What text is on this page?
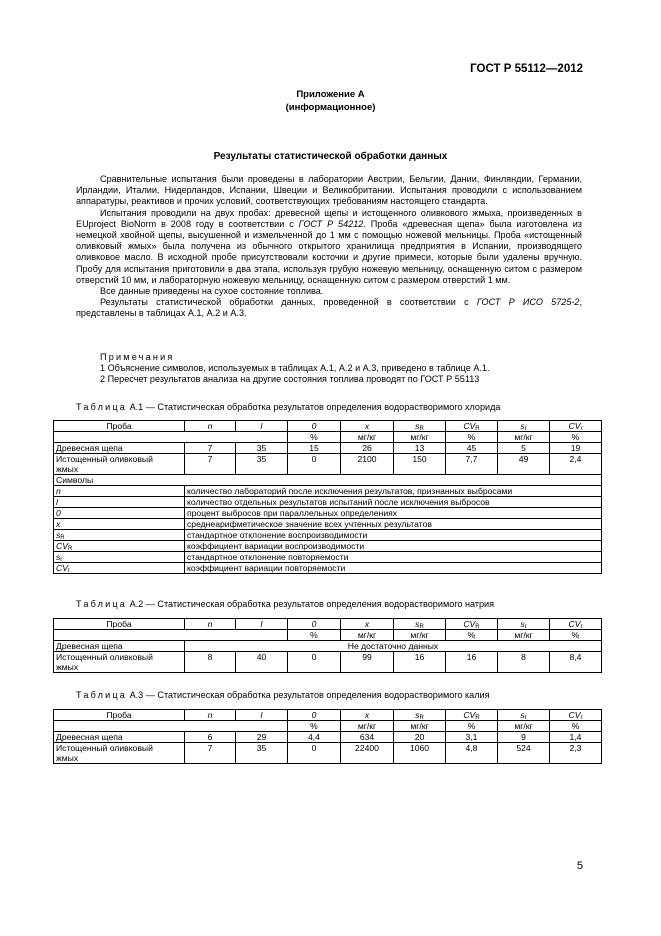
ГОСТ Р 55112—2012
Приложение А
(информационное)
Результаты статистической обработки данных

Сравнительные испытания были проведены в лаборатории Австрии, Бельгии, Дании, Финляндии, Германии, Ирландии, Италии, Нидерландов, Испании, Швеции и Великобритании. Испытания проводили с использованием аппаратуры, реактивов и прочих условий, соответствующих требованиям настоящего стандарта.

Испытания проводили на двух пробах: древесной щепы и истощенного оливкового жмыха, произведенных в EUproject BioNorm в 2008 году в соответствии с ГОСТ Р 54212. Проба «древесная щепа» была изготовлена из немецкой хвойной щепы, высушенной и измельченной до 1 мм с помощью ножевой мельницы. Проба «истощенный оливковый жмых» была получена из обычного открытого хранилища предприятия в Испании, производящего оливковое масло. В исходной пробе присутствовали косточки и другие примеси, которые были удалены вручную. Пробу для испытания приготовили в два этапа, используя грубую ножевую мельницу, оснащенную ситом с размером отверстий 10 мм, и лабораторную ножевую мельницу, оснащенную ситом с размером отверстий 1 мм.

Все данные приведены на сухое состояние топлива.

Результаты статистической обработки данных, проведенной в соответствии с ГОСТ Р ИСО 5725-2, представлены в таблицах А.1, А.2 и А.3.

Примечания

1 Объяснение символов, используемых в таблицах А.1, А.2 и А.3, приведено в таблице А.1.

2 Пересчет результатов анализа на другие состояния топлива проводят по ГОСТ Р 55113

Таблица А.1 — Статистическая обработка результатов определения водорастворимого хлорида
Проба	n	l	0	x	$s_R$	$CV_R$	$s_r$	$CV_r$
			%	мг/кг	мг/кг	%	мг/кг	%
Древесная щепа	7	35	15	26	13	45	5	19

Истощенный оливковый
жмых	7	35	0	2100	150	7,7	49	2,4
Символы								
n	количество лабораторий после исключения результатов, признанных выбросами							
l	количество отдельных результатов испытаний после исключения выбросов							
0	процент выбросов при параллельных определениях							
x	среднеарифметическое значение всех учтенных результатов							
$s_R$	стандартное отклонение воспроизводимости							
$CV_R$	коэффициент вариации воспроизводимости							
$s_r$	стандартное отклонение повторяемости							
$CV_r$	коэффициент вариации повторяемости							
Таблица А.2 — Статистическая обработка результатов определения водорастворимого натрия
Проба	n	l	0	x	$s_R$	$CV_R$	$s_r$	$CV_r$
			%	мг/кг	мг/кг	%	мг/кг	%
Древесная щепа	Не достаточно данных							

Истощенный оливковый
жмых	8	40	0	99	16	16	8	8,4
Таблица А.3 — Статистическая обработка результатов определения водорастворимого калия
Проба	n	l	0	x	$s_R$	$CV_R$	$s_r$	$CV_r$
			%	мг/кг	мг/кг	%	мг/кг	%
Древесная щепа	6	29	4,4	634	20	3,1	9	1,4

Истощенный оливковый
жмых	7	35	0	22400	1060	4,8	524	2,3
5
